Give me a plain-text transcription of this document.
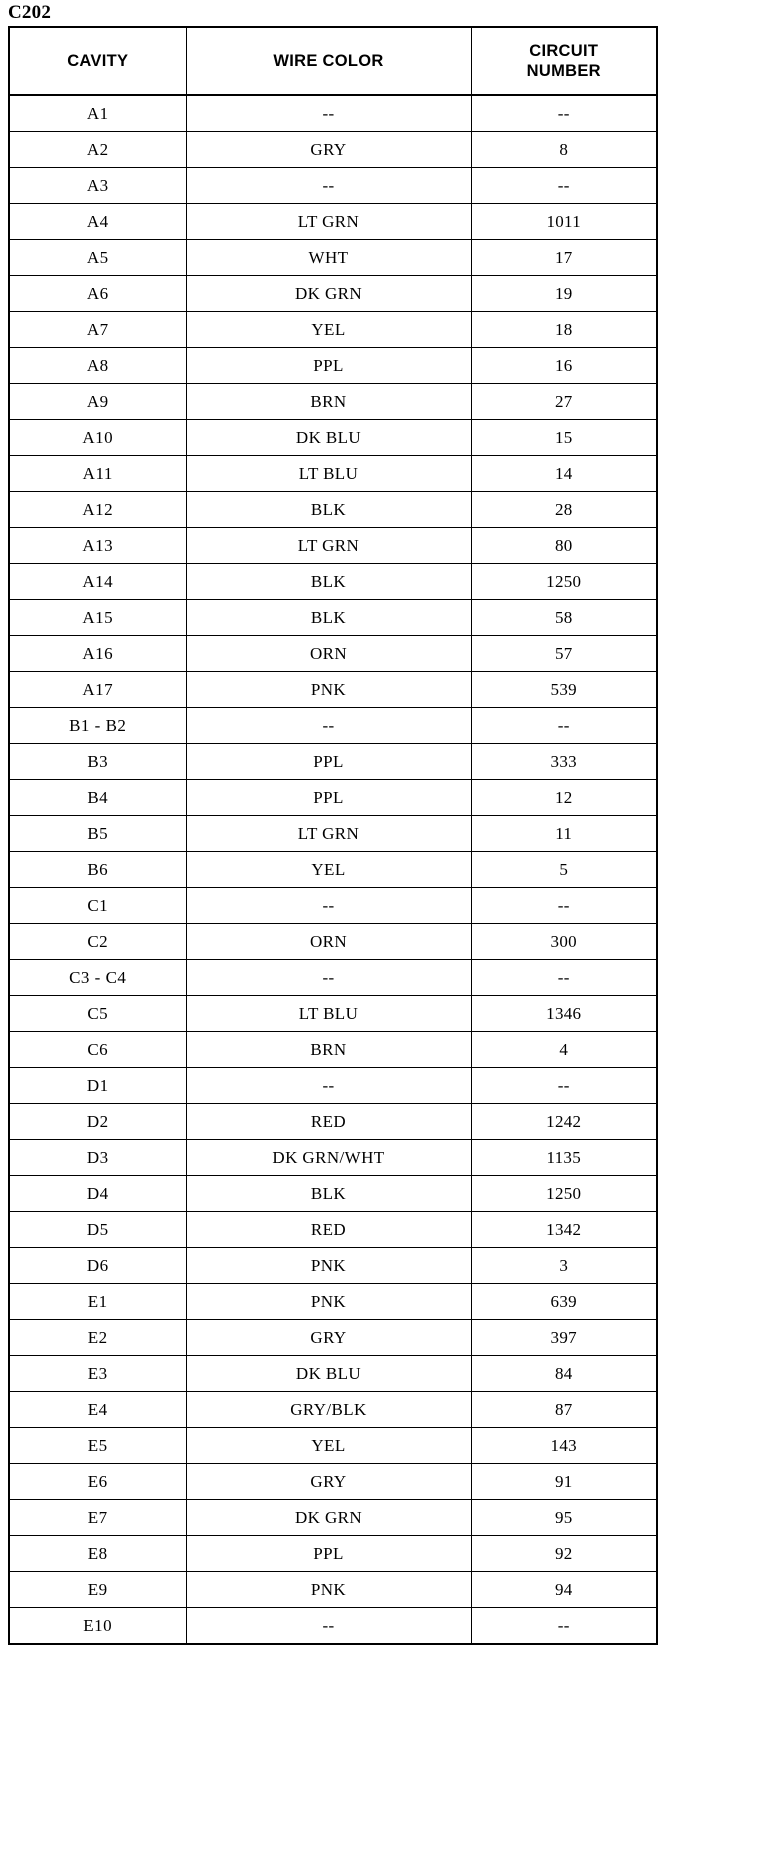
C202
CAVITY	WIRE COLOR	CIRCUIT
NUMBER

A1	--	--
A2	GRY	8
A3	--	--
A4	LT GRN	1011
A5	WHT	17
A6	DK GRN	19
A7	YEL	18
A8	PPL	16
A9	BRN	27
A10	DK BLU	15
A11	LT BLU	14
A12	BLK	28
A13	LT GRN	80
A14	BLK	1250
A15	BLK	58
A16	ORN	57
A17	PNK	539
B1 - B2	--	--
B3	PPL	333
B4	PPL	12
B5	LT GRN	11
B6	YEL	5
C1	--	--
C2	ORN	300
C3 - C4	--	--
C5	LT BLU	1346
C6	BRN	4
D1	--	--
D2	RED	1242
D3	DK GRN/WHT	1135
D4	BLK	1250
D5	RED	1342
D6	PNK	3
E1	PNK	639
E2	GRY	397
E3	DK BLU	84
E4	GRY/BLK	87
E5	YEL	143
E6	GRY	91
E7	DK GRN	95
E8	PPL	92
E9	PNK	94
E10	--	--
